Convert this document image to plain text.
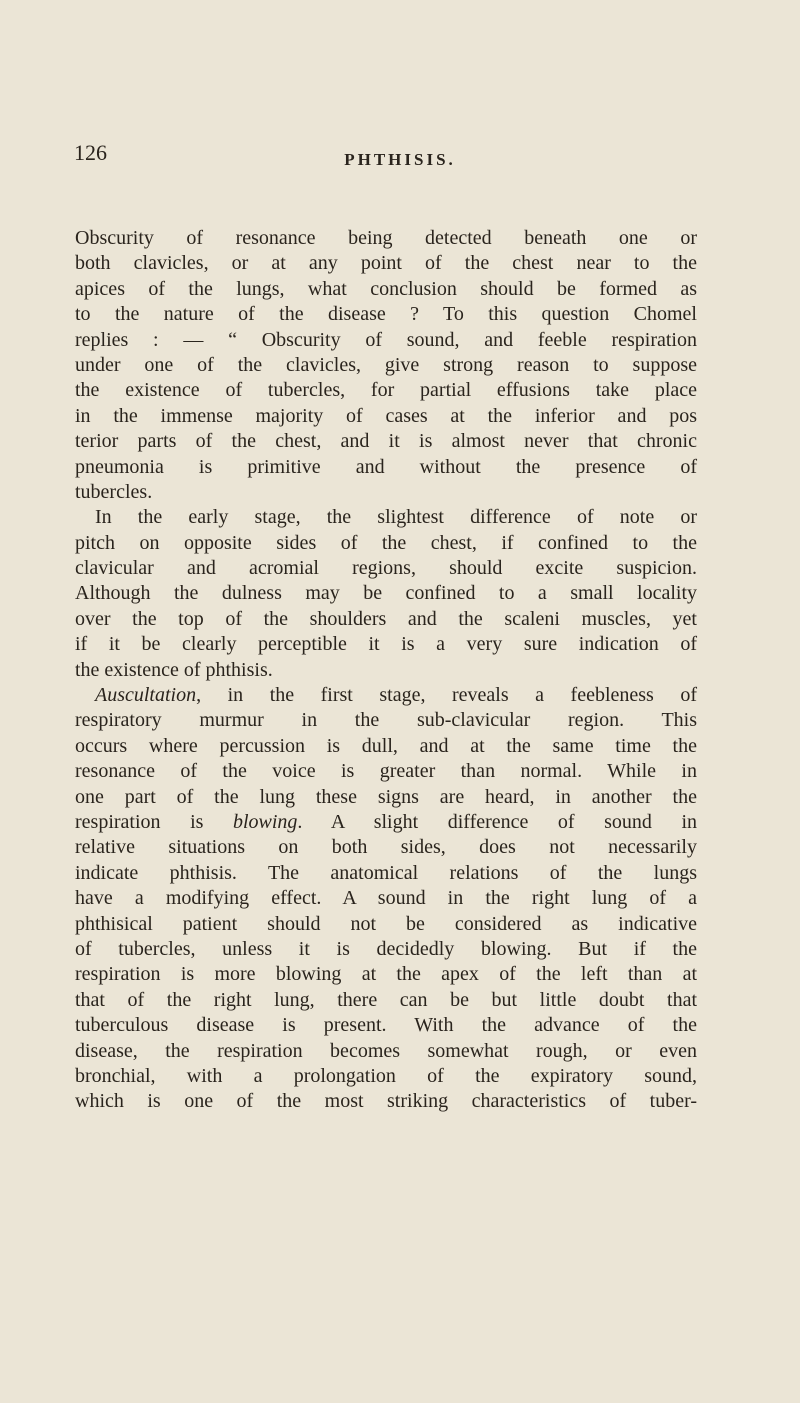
126	PHTHISIS.
Obscurity of resonance being detected beneath one or
both clavicles, or at any point of the chest near to the
apices of the lungs, what conclusion should be formed as
to the nature of the disease ? To this question Chomel
replies : — “ Obscurity of sound, and feeble respiration
under one of the clavicles, give strong reason to suppose
the existence of tubercles, for partial effusions take place
in the immense majority of cases at the inferior and pos
terior parts of the chest, and it is almost never that chronic
pneumonia is primitive and without the presence of
tubercles.
In the early stage, the slightest difference of note or
pitch on opposite sides of the chest, if confined to the
clavicular and acromial regions, should excite suspicion.
Although the dulness may be confined to a small locality
over the top of the shoulders and the scaleni muscles, yet
if it be clearly perceptible it is a very sure indication of
the existence of phthisis.
Auscultation, in the first stage, reveals a feebleness of
respiratory murmur in the sub-clavicular region. This
occurs where percussion is dull, and at the same time the
resonance of the voice is greater than normal. While in
one part of the lung these signs are heard, in another the
respiration is blowing. A slight difference of sound in
relative situations on both sides, does not necessarily
indicate phthisis. The anatomical relations of the lungs
have a modifying effect. A sound in the right lung of a
phthisical patient should not be considered as indicative
of tubercles, unless it is decidedly blowing. But if the
respiration is more blowing at the apex of the left than at
that of the right lung, there can be but little doubt that
tuberculous disease is present. With the advance of the
disease, the respiration becomes somewhat rough, or even
bronchial, with a prolongation of the expiratory sound,
which is one of the most striking characteristics of tuber-
